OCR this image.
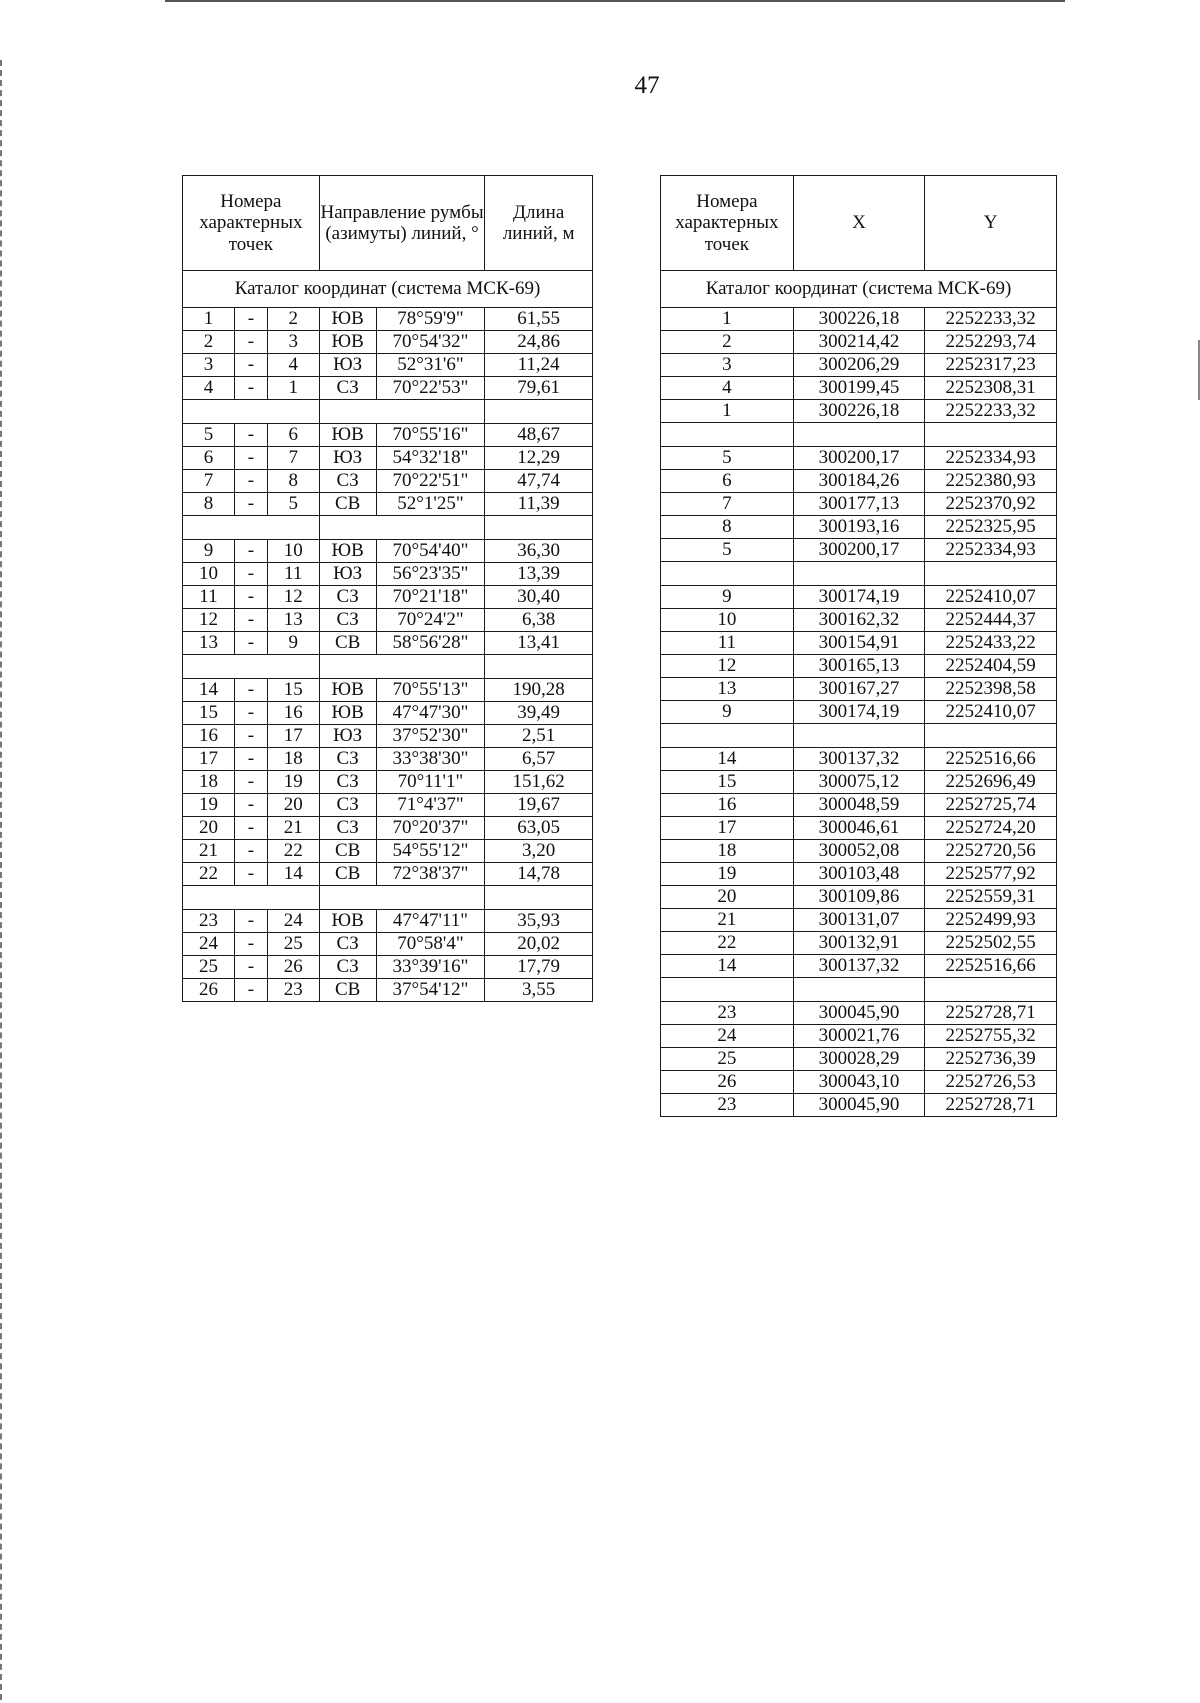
47
Номера характерных точек			Направление румбы (азимуты) линий, °		Длина линий, м
Каталог координат (система МСК-69)					
1	-	2	ЮВ	78°59'9"	61,55
2	-	3	ЮВ	70°54'32"	24,86
3	-	4	ЮЗ	52°31'6"	11,24
4	-	1	СЗ	70°22'53"	79,61

5	-	6	ЮВ	70°55'16"	48,67
6	-	7	ЮЗ	54°32'18"	12,29
7	-	8	СЗ	70°22'51"	47,74
8	-	5	СВ	52°1'25"	11,39

9	-	10	ЮВ	70°54'40"	36,30
10	-	11	ЮЗ	56°23'35"	13,39
11	-	12	СЗ	70°21'18"	30,40
12	-	13	СЗ	70°24'2"	6,38
13	-	9	СВ	58°56'28"	13,41

14	-	15	ЮВ	70°55'13"	190,28
15	-	16	ЮВ	47°47'30"	39,49
16	-	17	ЮЗ	37°52'30"	2,51
17	-	18	СЗ	33°38'30"	6,57
18	-	19	СЗ	70°11'1"	151,62
19	-	20	СЗ	71°4'37"	19,67
20	-	21	СЗ	70°20'37"	63,05
21	-	22	СВ	54°55'12"	3,20
22	-	14	СВ	72°38'37"	14,78

23	-	24	ЮВ	47°47'11"	35,93
24	-	25	СЗ	70°58'4"	20,02
25	-	26	СЗ	33°39'16"	17,79
26	-	23	СВ	37°54'12"	3,55
Номера характерных точек	X	Y
Каталог координат (система МСК-69)		
1	300226,18	2252233,32
2	300214,42	2252293,74
3	300206,29	2252317,23
4	300199,45	2252308,31
1	300226,18	2252233,32

5	300200,17	2252334,93
6	300184,26	2252380,93
7	300177,13	2252370,92
8	300193,16	2252325,95
5	300200,17	2252334,93

9	300174,19	2252410,07
10	300162,32	2252444,37
11	300154,91	2252433,22
12	300165,13	2252404,59
13	300167,27	2252398,58
9	300174,19	2252410,07

14	300137,32	2252516,66
15	300075,12	2252696,49
16	300048,59	2252725,74
17	300046,61	2252724,20
18	300052,08	2252720,56
19	300103,48	2252577,92
20	300109,86	2252559,31
21	300131,07	2252499,93
22	300132,91	2252502,55
14	300137,32	2252516,66

23	300045,90	2252728,71
24	300021,76	2252755,32
25	300028,29	2252736,39
26	300043,10	2252726,53
23	300045,90	2252728,71
